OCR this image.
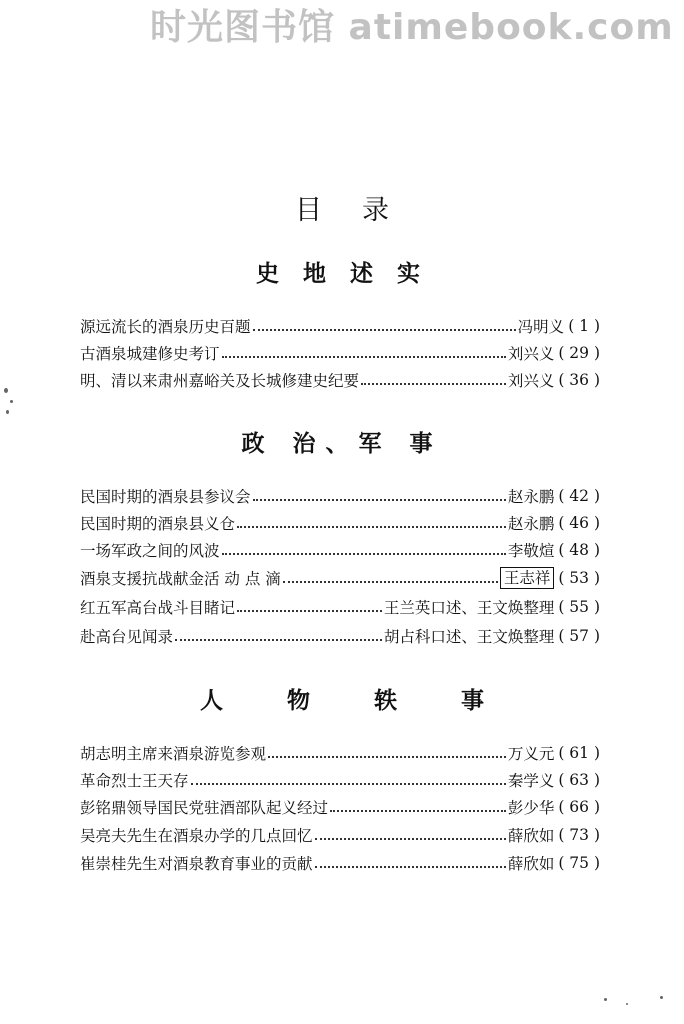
时光图书馆 atimebook.com
目录
史 地 述 实
源远流长的酒泉历史百题	冯明义 ( 1 )
古酒泉城建修史考订	刘兴义 ( 29 )
明、清以来肃州嘉峪关及长城修建史纪要	刘兴义 ( 36 )
政 治、军 事
民国时期的酒泉县参议会	赵永鹏 ( 42 )
民国时期的酒泉县义仓	赵永鹏 ( 46 )
一场军政之间的风波	李敬煊 ( 48 )
酒泉支援抗战献金活 动 点 滴	王志祥 ( 53 )
红五军高台战斗目睹记	王兰英口述、王文焕整理 ( 55 )
赴高台见闻录	胡占科口述、王文焕整理 ( 57 )
人 物 轶 事
胡志明主席来酒泉游览参观	万义元 ( 61 )
革命烈士王天存	秦学义 ( 63 )
彭铭鼎领导国民党驻酒部队起义经过	彭少华 ( 66 )
吴亮夫先生在酒泉办学的几点回忆	薛欣如 ( 73 )
崔崇桂先生对酒泉教育事业的贡献	薛欣如 ( 75 )
